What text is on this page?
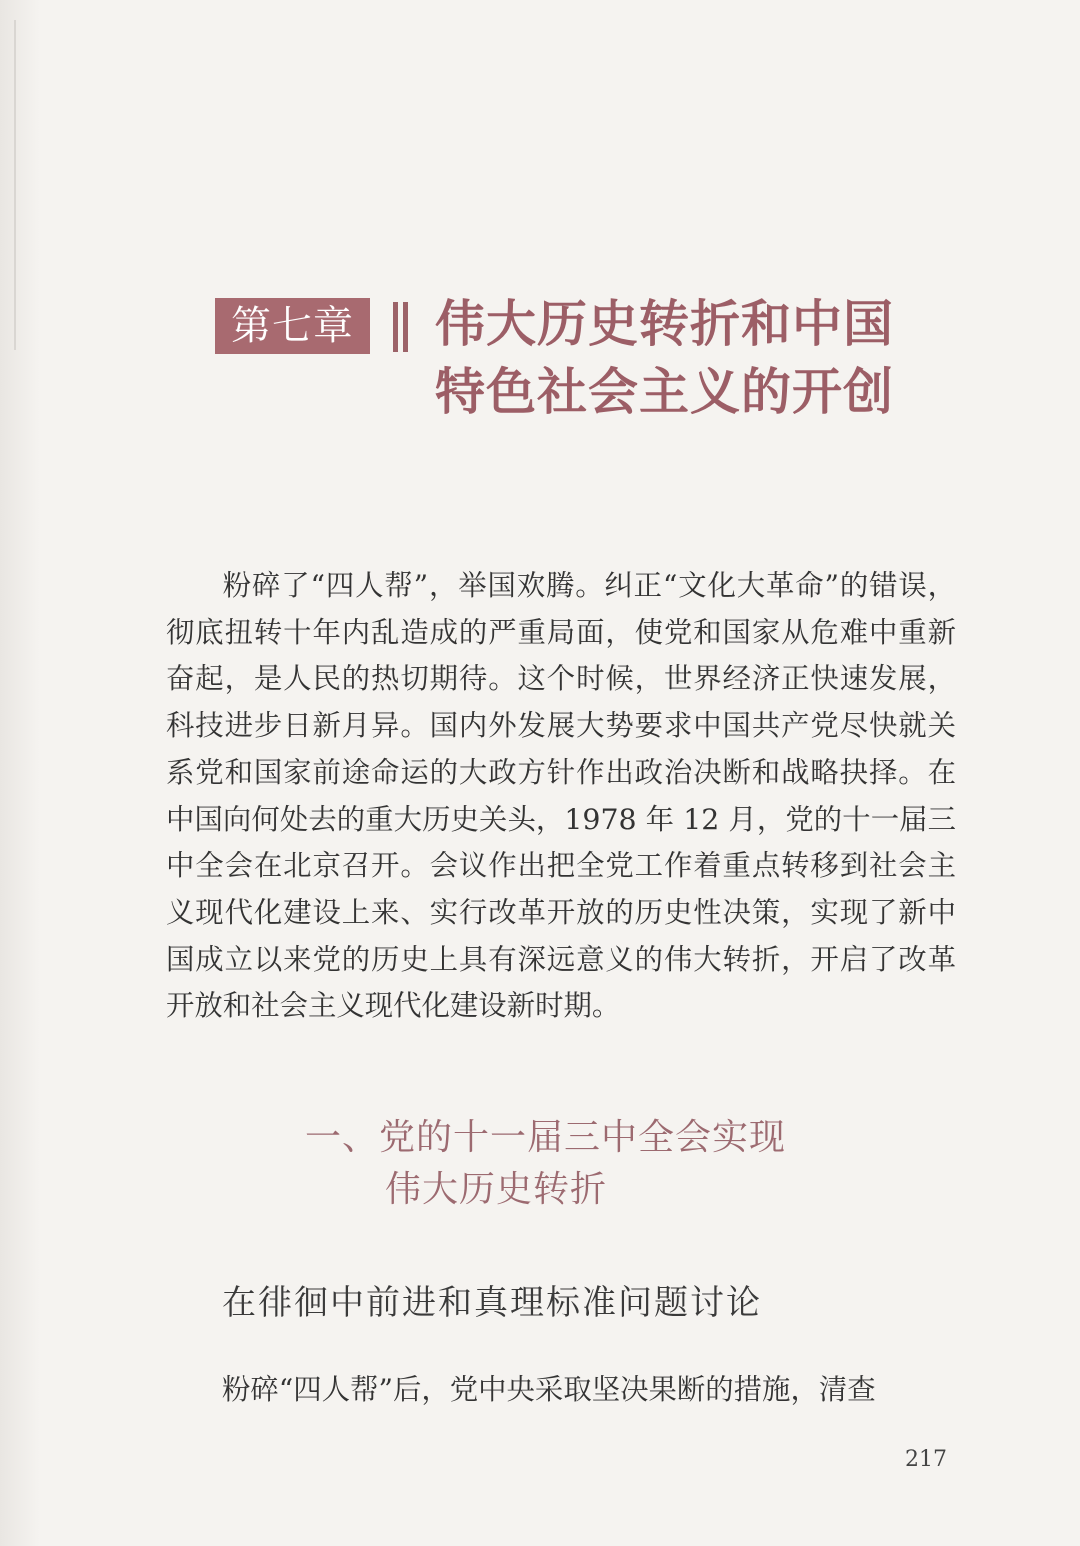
第七章	伟大历史转折和中国
特色社会主义的开创

粉碎了“四人帮”，举国欢腾。纠正“文化大革命”的错误，彻底扭转十年内乱造成的严重局面，使党和国家从危难中重新奋起，是人民的热切期待。这个时候，世界经济正快速发展，科技进步日新月异。国内外发展大势要求中国共产党尽快就关系党和国家前途命运的大政方针作出政治决断和战略抉择。在中国向何处去的重大历史关头，1978 年 12 月，党的十一届三中全会在北京召开。会议作出把全党工作着重点转移到社会主义现代化建设上来、实行改革开放的历史性决策，实现了新中国成立以来党的历史上具有深远意义的伟大转折，开启了改革开放和社会主义现代化建设新时期。

一、党的十一届三中全会实现
伟大历史转折
在徘徊中前进和真理标准问题讨论
粉碎“四人帮”后，党中央采取坚决果断的措施，清查
217
